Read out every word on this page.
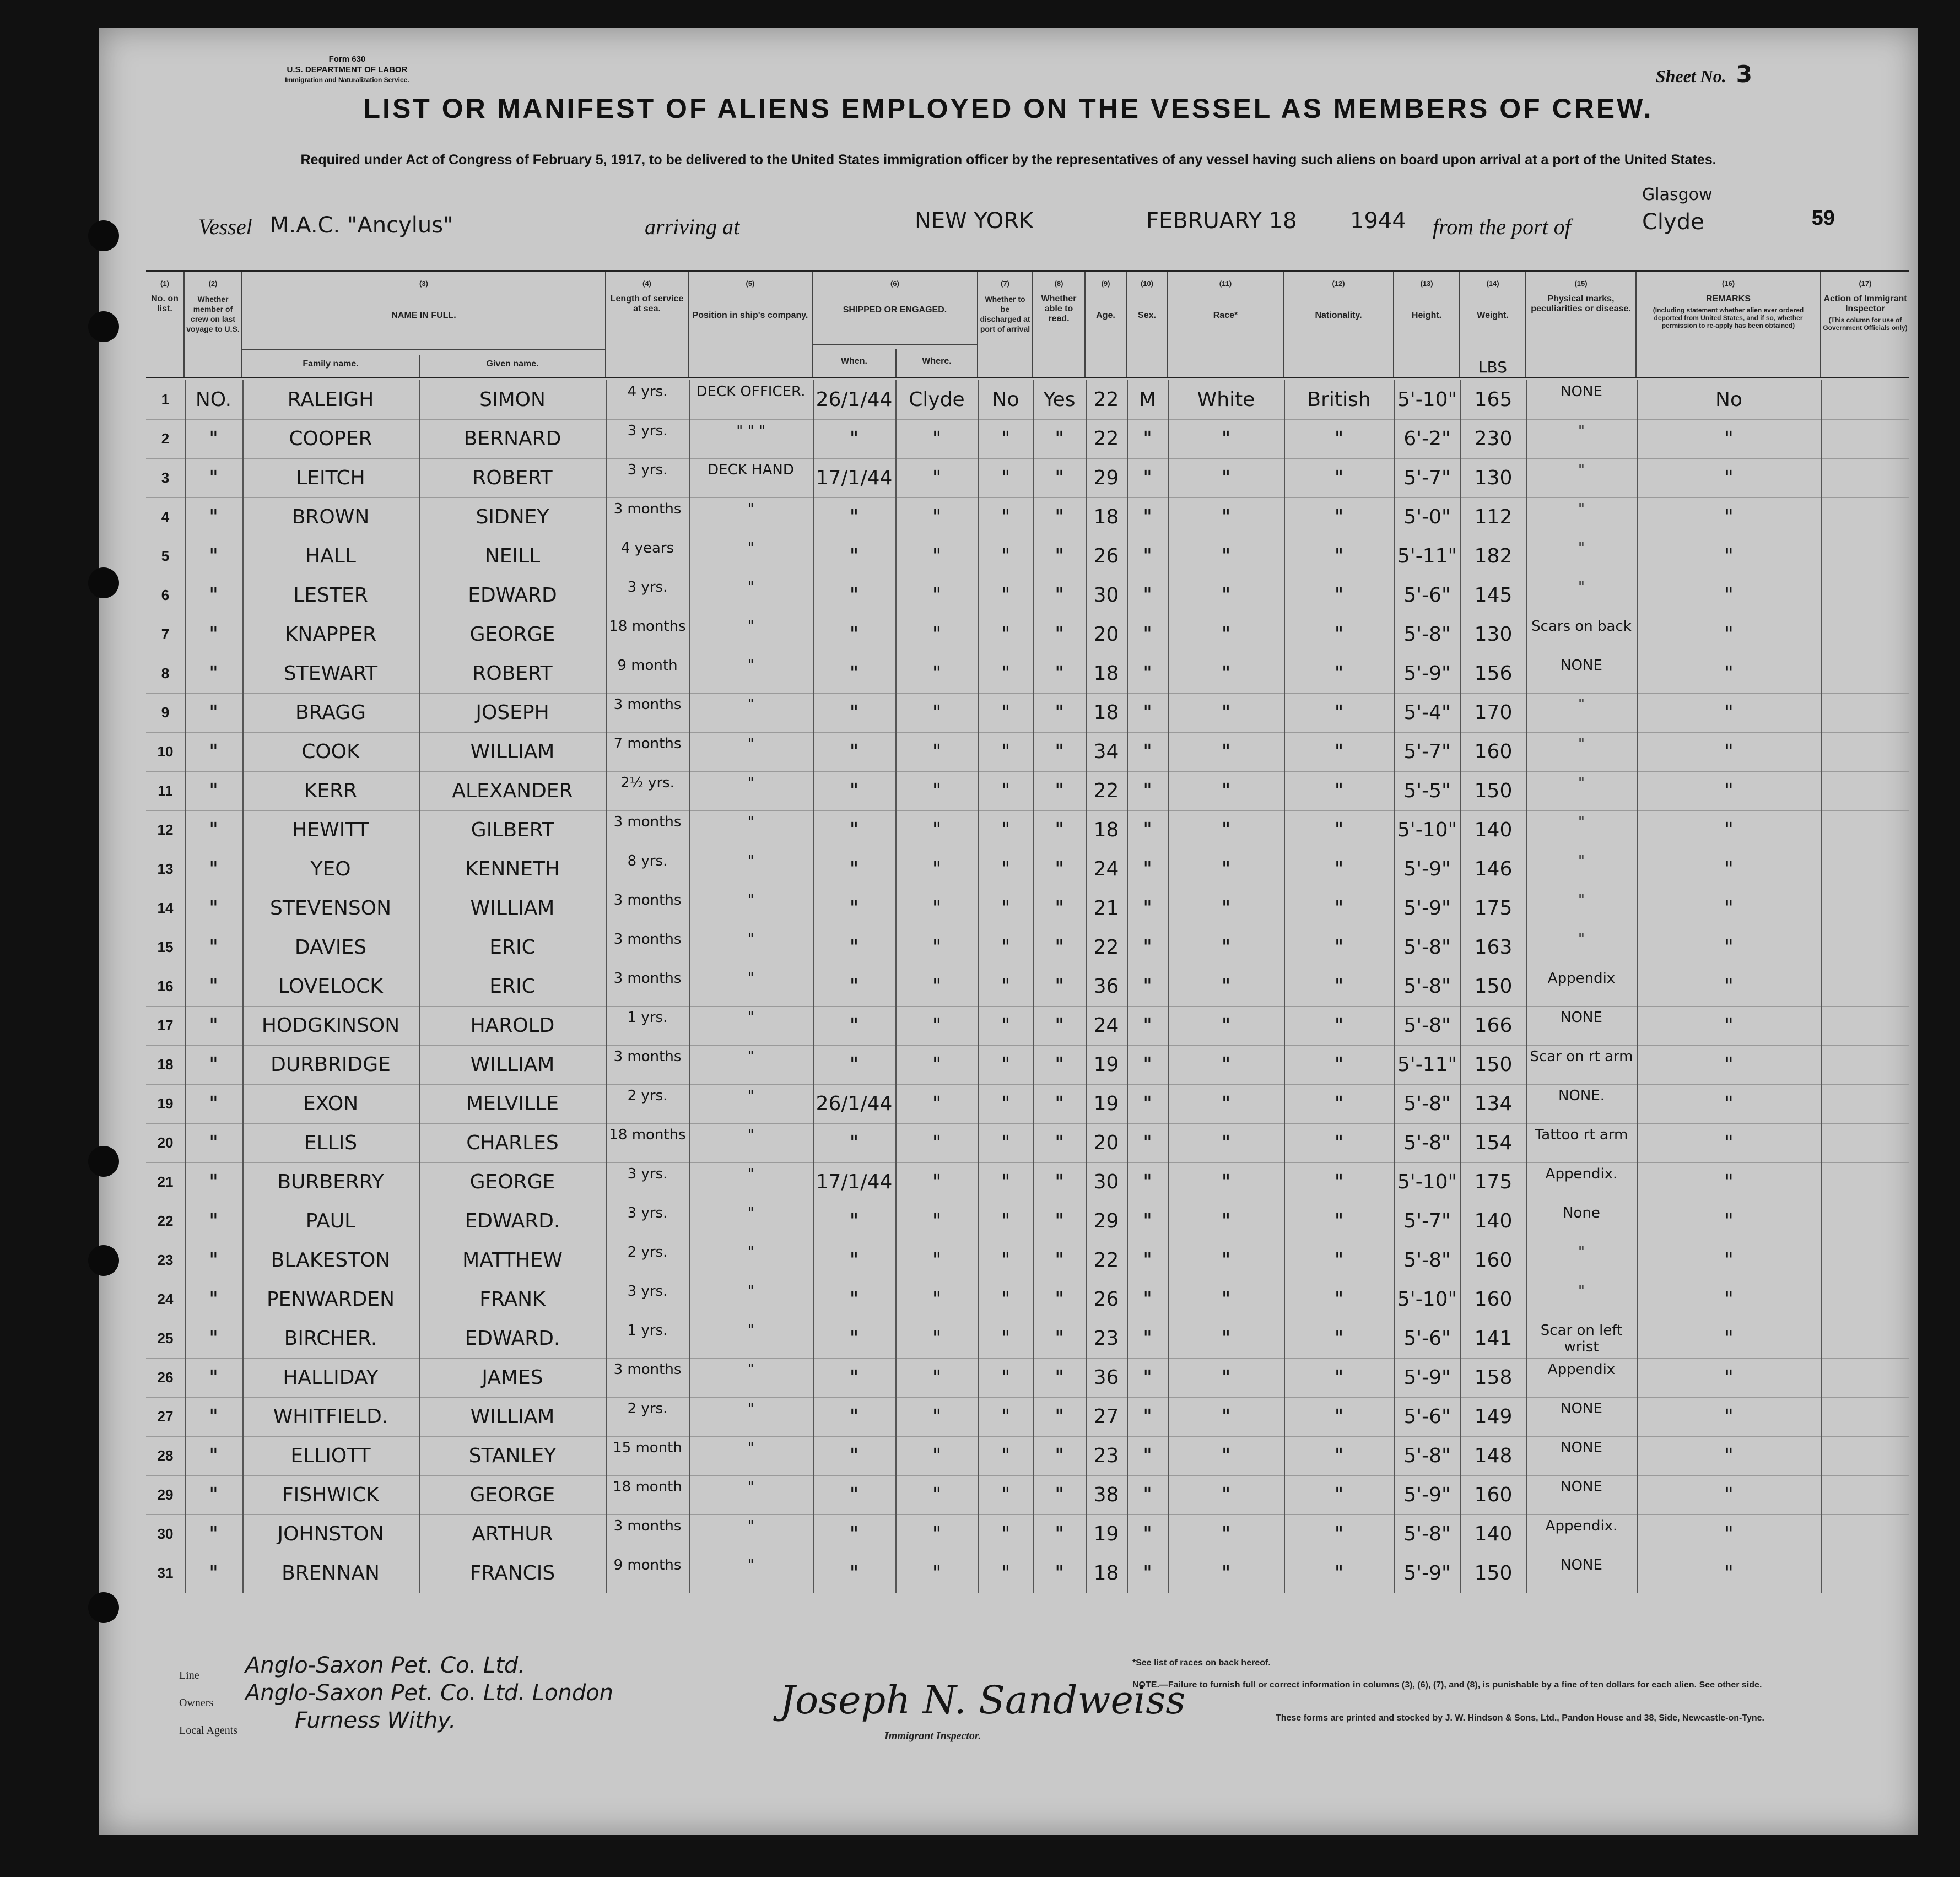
Form 630
U.S. DEPARTMENT OF LABOR
Immigration and Naturalization Service.	Sheet No. 3
LIST OR MANIFEST OF ALIENS EMPLOYED ON THE VESSEL AS MEMBERS OF CREW.
Required under Act of Congress of February 5, 1917, to be delivered to the United States immigration officer by the representatives of any vessel having such aliens on board upon arrival at a port of the United States.
Vessel M.A.C. "Ancylus"	arriving at	NEW YORK	FEBRUARY 18 1944 from the port of
Glasgow
Clyde	59
(1)
No. on list.
(2)
Whether member of crew on last voyage to U.S.
(3)
NAME IN FULL.
Family name.	Given name.
(4)
Length of service at sea.
(5)
Position in ship's company.
(6)
SHIPPED OR ENGAGED.
When.	Where.
(7)
Whether to be discharged at port of arrival
(8)
Whether able to read.
(9)
Age.
(10)
Sex.
(11)
Race*
(12)
Nationality.
(13)
Height.
(14)
Weight.
LBS
(15)
Physical marks, peculiarities or disease.
(16)
REMARKS
(Including statement whether alien ever ordered deported from United States, and if so, whether permission to re-apply has been obtained)
(17)
Action of Immigrant Inspector
(This column for use of Government Officials only)
1	NO.	RALEIGH	SIMON	4 yrs.	DECK OFFICER. 26/1/44 Clyde	No	Yes 22	M	White	British	5'-10" 165	NONE	No
2	"	COOPER	BERNARD	3 yrs.	" " "	"	"	"	"	22	"	"	"	6'-2"	230	"	"
3	"	LEITCH	ROBERT	3 yrs.	DECK HAND	17/1/44	"	"	"	29	"	"	"	5'-7"	130	"	"
4	"	BROWN	SIDNEY	3 months	"	"	"	"	"	18	"	"	"	5'-0"	112	"	"
5	"	HALL	NEILL	4 years	"	"	"	"	"	26	"	"	"	5'-11" 182	"	"
6	"	LESTER	EDWARD	3 yrs.	"	"	"	"	"	30	"	"	"	5'-6"	145	"	"
7	"	KNAPPER	GEORGE	18 months	"	"	"	"	"	20	"	"	"	5'-8"	130	Scars on back	"
8	"	STEWART	ROBERT	9 month	"	"	"	"	"	18	"	"	"	5'-9"	156	NONE	"
9	"	BRAGG	JOSEPH	3 months	"	"	"	"	"	18	"	"	"	5'-4"	170	"	"
10	"	COOK	WILLIAM	7 months	"	"	"	"	"	34	"	"	"	5'-7"	160	"	"
11	"	KERR	ALEXANDER	2½ yrs.	"	"	"	"	"	22	"	"	"	5'-5"	150	"	"
12	"	HEWITT	GILBERT	3 months	"	"	"	"	"	18	"	"	"	5'-10" 140	"	"
13	"	YEO	KENNETH	8 yrs.	"	"	"	"	"	24	"	"	"	5'-9"	146	"	"
14	"	STEVENSON	WILLIAM	3 months	"	"	"	"	"	21	"	"	"	5'-9"	175	"	"
15	"	DAVIES	ERIC	3 months	"	"	"	"	"	22	"	"	"	5'-8"	163	"	"
16	"	LOVELOCK	ERIC	3 months	"	"	"	"	"	36	"	"	"	5'-8"	150	Appendix	"
17	"	HODGKINSON	HAROLD	1 yrs.	"	"	"	"	"	24	"	"	"	5'-8"	166	NONE	"
18	"	DURBRIDGE	WILLIAM	3 months	"	"	"	"	"	19	"	"	"	5'-11" 150	Scar on rt arm	"
19	"	EXON	MELVILLE	2 yrs.	"	26/1/44	"	"	"	19	"	"	"	5'-8"	134	NONE.	"
20	"	ELLIS	CHARLES	18 months	"	"	"	"	"	20	"	"	"	5'-8"	154	Tattoo rt arm	"
21	"	BURBERRY	GEORGE	3 yrs.	"	17/1/44	"	"	"	30	"	"	"	5'-10" 175	Appendix.	"
22	"	PAUL	EDWARD.	3 yrs.	"	"	"	"	"	29	"	"	"	5'-7"	140	None	"
23	"	BLAKESTON	MATTHEW	2 yrs.	"	"	"	"	"	22	"	"	"	5'-8"	160	"	"
24	"	PENWARDEN	FRANK	3 yrs.	"	"	"	"	"	26	"	"	"	5'-10" 160	"	"
25	"	BIRCHER.	EDWARD.	1 yrs.	"	"	"	"	"	23	"	"	"	5'-6"	141	Scar on left wrist	"
26	"	HALLIDAY	JAMES	3 months	"	"	"	"	"	36	"	"	"	5'-9"	158	Appendix	"
27	"	WHITFIELD.	WILLIAM	2 yrs.	"	"	"	"	"	27	"	"	"	5'-6"	149	NONE	"
28	"	ELLIOTT	STANLEY	15 month	"	"	"	"	"	23	"	"	"	5'-8"	148	NONE	"
29	"	FISHWICK	GEORGE	18 month	"	"	"	"	"	38	"	"	"	5'-9"	160	NONE	"
30	"	JOHNSTON	ARTHUR	3 months	"	"	"	"	"	19	"	"	"	5'-8"	140	Appendix.	"
31	"	BRENNAN	FRANCIS	9 months	"	"	"	"	"	18	"	"	"	5'-9"	150	NONE	"
Line Anglo-Saxon Pet. Co. Ltd.
Owners Anglo-Saxon Pet. Co. Ltd. London
Local Agents	Furness Withy.	Joseph N. Sandweiss
Immigrant Inspector.
*See list of races on back hereof.
NOTE.—Failure to furnish full or correct information in columns (3), (6), (7), and (8), is punishable by a fine of ten dollars for each alien. See other side.
These forms are printed and stocked by J. W. Hindson & Sons, Ltd., Pandon House and 38, Side, Newcastle-on-Tyne.
